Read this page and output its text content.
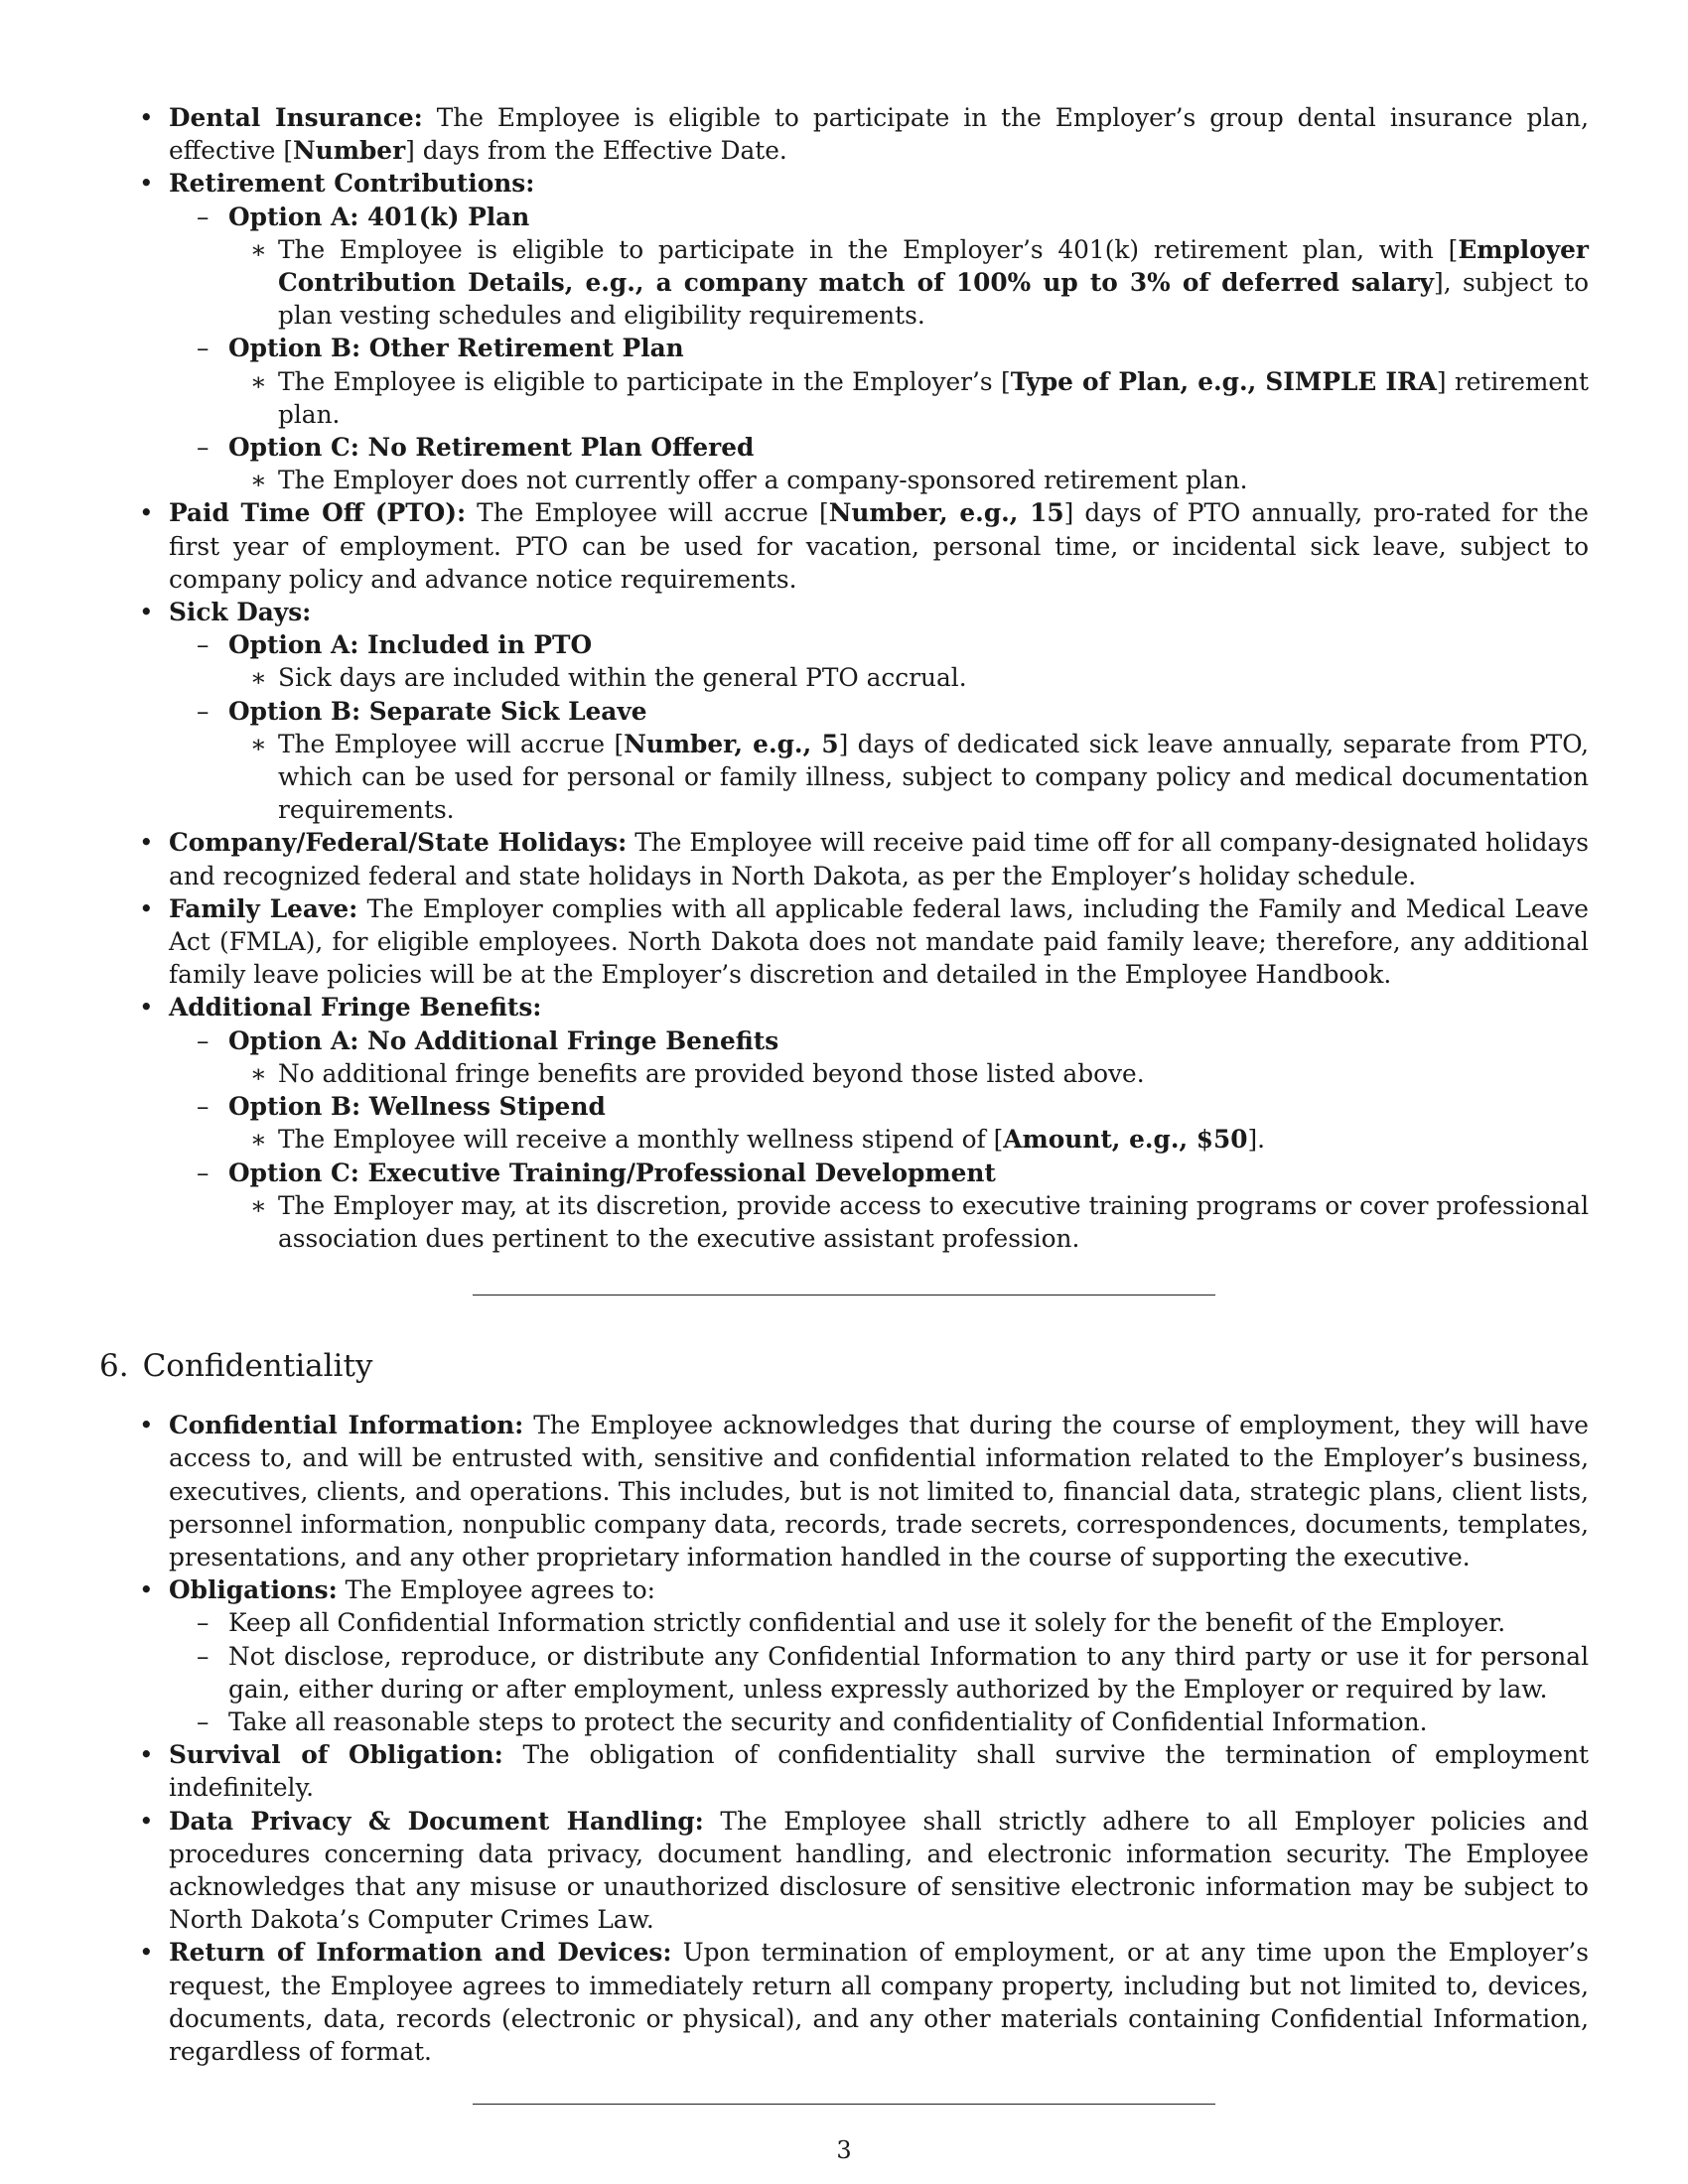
• Dental Insurance: The Employee is eligible to participate in the Employer’s group dental insurance plan, effective [Number] days from the Effective Date.
• Retirement Contributions:
– Option A: 401(k) Plan
∗ The Employee is eligible to participate in the Employer’s 401(k) retirement plan, with [Employer Contribution Details, e.g., a company match of 100% up to 3% of deferred salary], subject to plan vesting schedules and eligibility requirements.
– Option B: Other Retirement Plan
∗ The Employee is eligible to participate in the Employer’s [Type of Plan, e.g., SIMPLE IRA] retirement plan.
– Option C: No Retirement Plan Offered
∗ The Employer does not currently offer a company-sponsored retirement plan.
• Paid Time Off (PTO): The Employee will accrue [Number, e.g., 15] days of PTO annually, pro-rated for the first year of employment. PTO can be used for vacation, personal time, or incidental sick leave, subject to company policy and advance notice requirements.
• Sick Days:
– Option A: Included in PTO
∗ Sick days are included within the general PTO accrual.
– Option B: Separate Sick Leave
∗ The Employee will accrue [Number, e.g., 5] days of dedicated sick leave annually, separate from PTO, which can be used for personal or family illness, subject to company policy and medical documentation requirements.
• Company/Federal/State Holidays: The Employee will receive paid time off for all company-designated holidays and recognized federal and state holidays in North Dakota, as per the Employer’s holiday schedule.
• Family Leave: The Employer complies with all applicable federal laws, including the Family and Medical Leave Act (FMLA), for eligible employees. North Dakota does not mandate paid family leave; therefore, any additional family leave policies will be at the Employer’s discretion and detailed in the Employee Handbook.
• Additional Fringe Benefits:
– Option A: No Additional Fringe Benefits
∗ No additional fringe benefits are provided beyond those listed above.
– Option B: Wellness Stipend
∗ The Employee will receive a monthly wellness stipend of [Amount, e.g., $50].
– Option C: Executive Training/Professional Development
∗ The Employer may, at its discretion, provide access to executive training programs or cover professional association dues pertinent to the executive assistant profession.
6. Confidentiality
• Confidential Information: The Employee acknowledges that during the course of employment, they will have access to, and will be entrusted with, sensitive and confidential information related to the Employer’s business, executives, clients, and operations. This includes, but is not limited to, financial data, strategic plans, client lists, personnel information, nonpublic company data, records, trade secrets, correspondences, documents, templates, presentations, and any other proprietary information handled in the course of supporting the executive.
• Obligations: The Employee agrees to:
– Keep all Confidential Information strictly confidential and use it solely for the benefit of the Employer.
– Not disclose, reproduce, or distribute any Confidential Information to any third party or use it for personal gain, either during or after employment, unless expressly authorized by the Employer or required by law.
– Take all reasonable steps to protect the security and confidentiality of Confidential Information.
• Survival of Obligation: The obligation of confidentiality shall survive the termination of employment indefinitely.
• Data Privacy & Document Handling: The Employee shall strictly adhere to all Employer policies and procedures concerning data privacy, document handling, and electronic information security. The Employee acknowledges that any misuse or unauthorized disclosure of sensitive electronic information may be subject to North Dakota’s Computer Crimes Law.
• Return of Information and Devices: Upon termination of employment, or at any time upon the Employer’s request, the Employee agrees to immediately return all company property, including but not limited to, devices, documents, data, records (electronic or physical), and any other materials containing Confidential Information, regardless of format.
3
